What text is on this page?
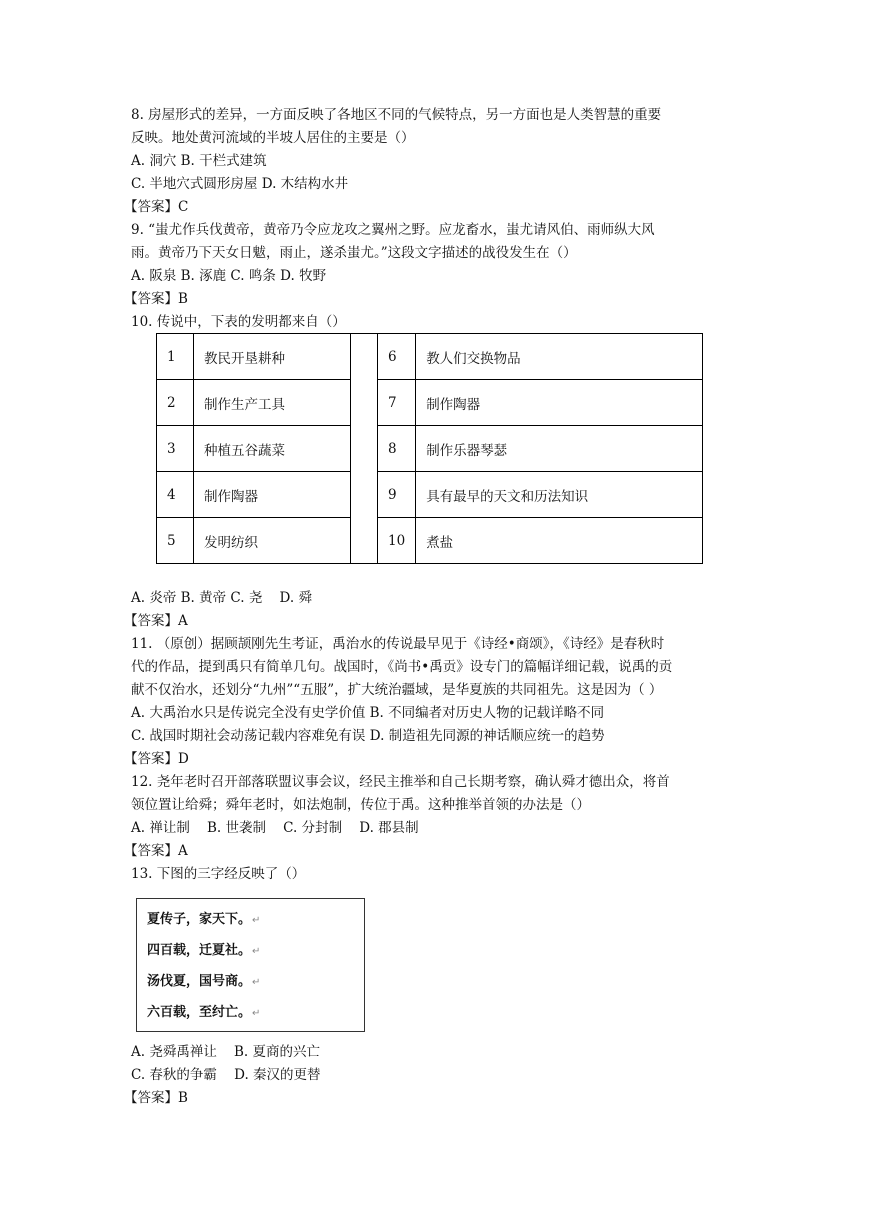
8. 房屋形式的差异，一方面反映了各地区不同的气候特点，另一方面也是人类智慧的重要
反映。地处黄河流域的半坡人居住的主要是（）
A. 洞穴 B. 干栏式建筑
C. 半地穴式圆形房屋 D. 木结构水井
【答案】C
9. “蚩尤作兵伐黄帝，黄帝乃令应龙攻之翼州之野。应龙畜水，蚩尤请风伯、雨师纵大风
雨。黄帝乃下天女日魃，雨止，遂杀蚩尤。”这段文字描述的战役发生在（）
A. 阪泉 B. 涿鹿 C. 鸣条 D. 牧野
【答案】B
10. 传说中，下表的发明都来自（）
1	教民开垦耕种		6	教人们交换物品
2	制作生产工具		7	制作陶器
3	种植五谷蔬菜		8	制作乐器琴瑟
4	制作陶器		9	具有最早的天文和历法知识
5	发明纺织		10	煮盐
A. 炎帝 B. 黄帝 C. 尧    D. 舜
【答案】A
11. （原创）据顾颉刚先生考证，禹治水的传说最早见于《诗经•商颂》，《诗经》是春秋时
代的作品，提到禹只有简单几句。战国时，《尚书•禹贡》设专门的篇幅详细记载，说禹的贡
献不仅治水，还划分“九州”“五服”，扩大统治疆域，是华夏族的共同祖先。这是因为（ ）
A. 大禹治水只是传说完全没有史学价值 B. 不同编者对历史人物的记载详略不同
C. 战国时期社会动荡记载内容难免有误 D. 制造祖先同源的神话顺应统一的趋势
【答案】D
12. 尧年老时召开部落联盟议事会议，经民主推举和自己长期考察，确认舜才德出众，将首
领位置让给舜；舜年老时，如法炮制，传位于禹。这种推举首领的办法是（）
A. 禅让制    B. 世袭制    C. 分封制    D. 郡县制
【答案】A
13. 下图的三字经反映了（）
夏传子，家天下。↵
四百载，迁夏社。↵
汤伐夏，国号商。↵
六百载，至纣亡。↵
A. 尧舜禹禅让    B. 夏商的兴亡
C. 春秋的争霸    D. 秦汉的更替
【答案】B
